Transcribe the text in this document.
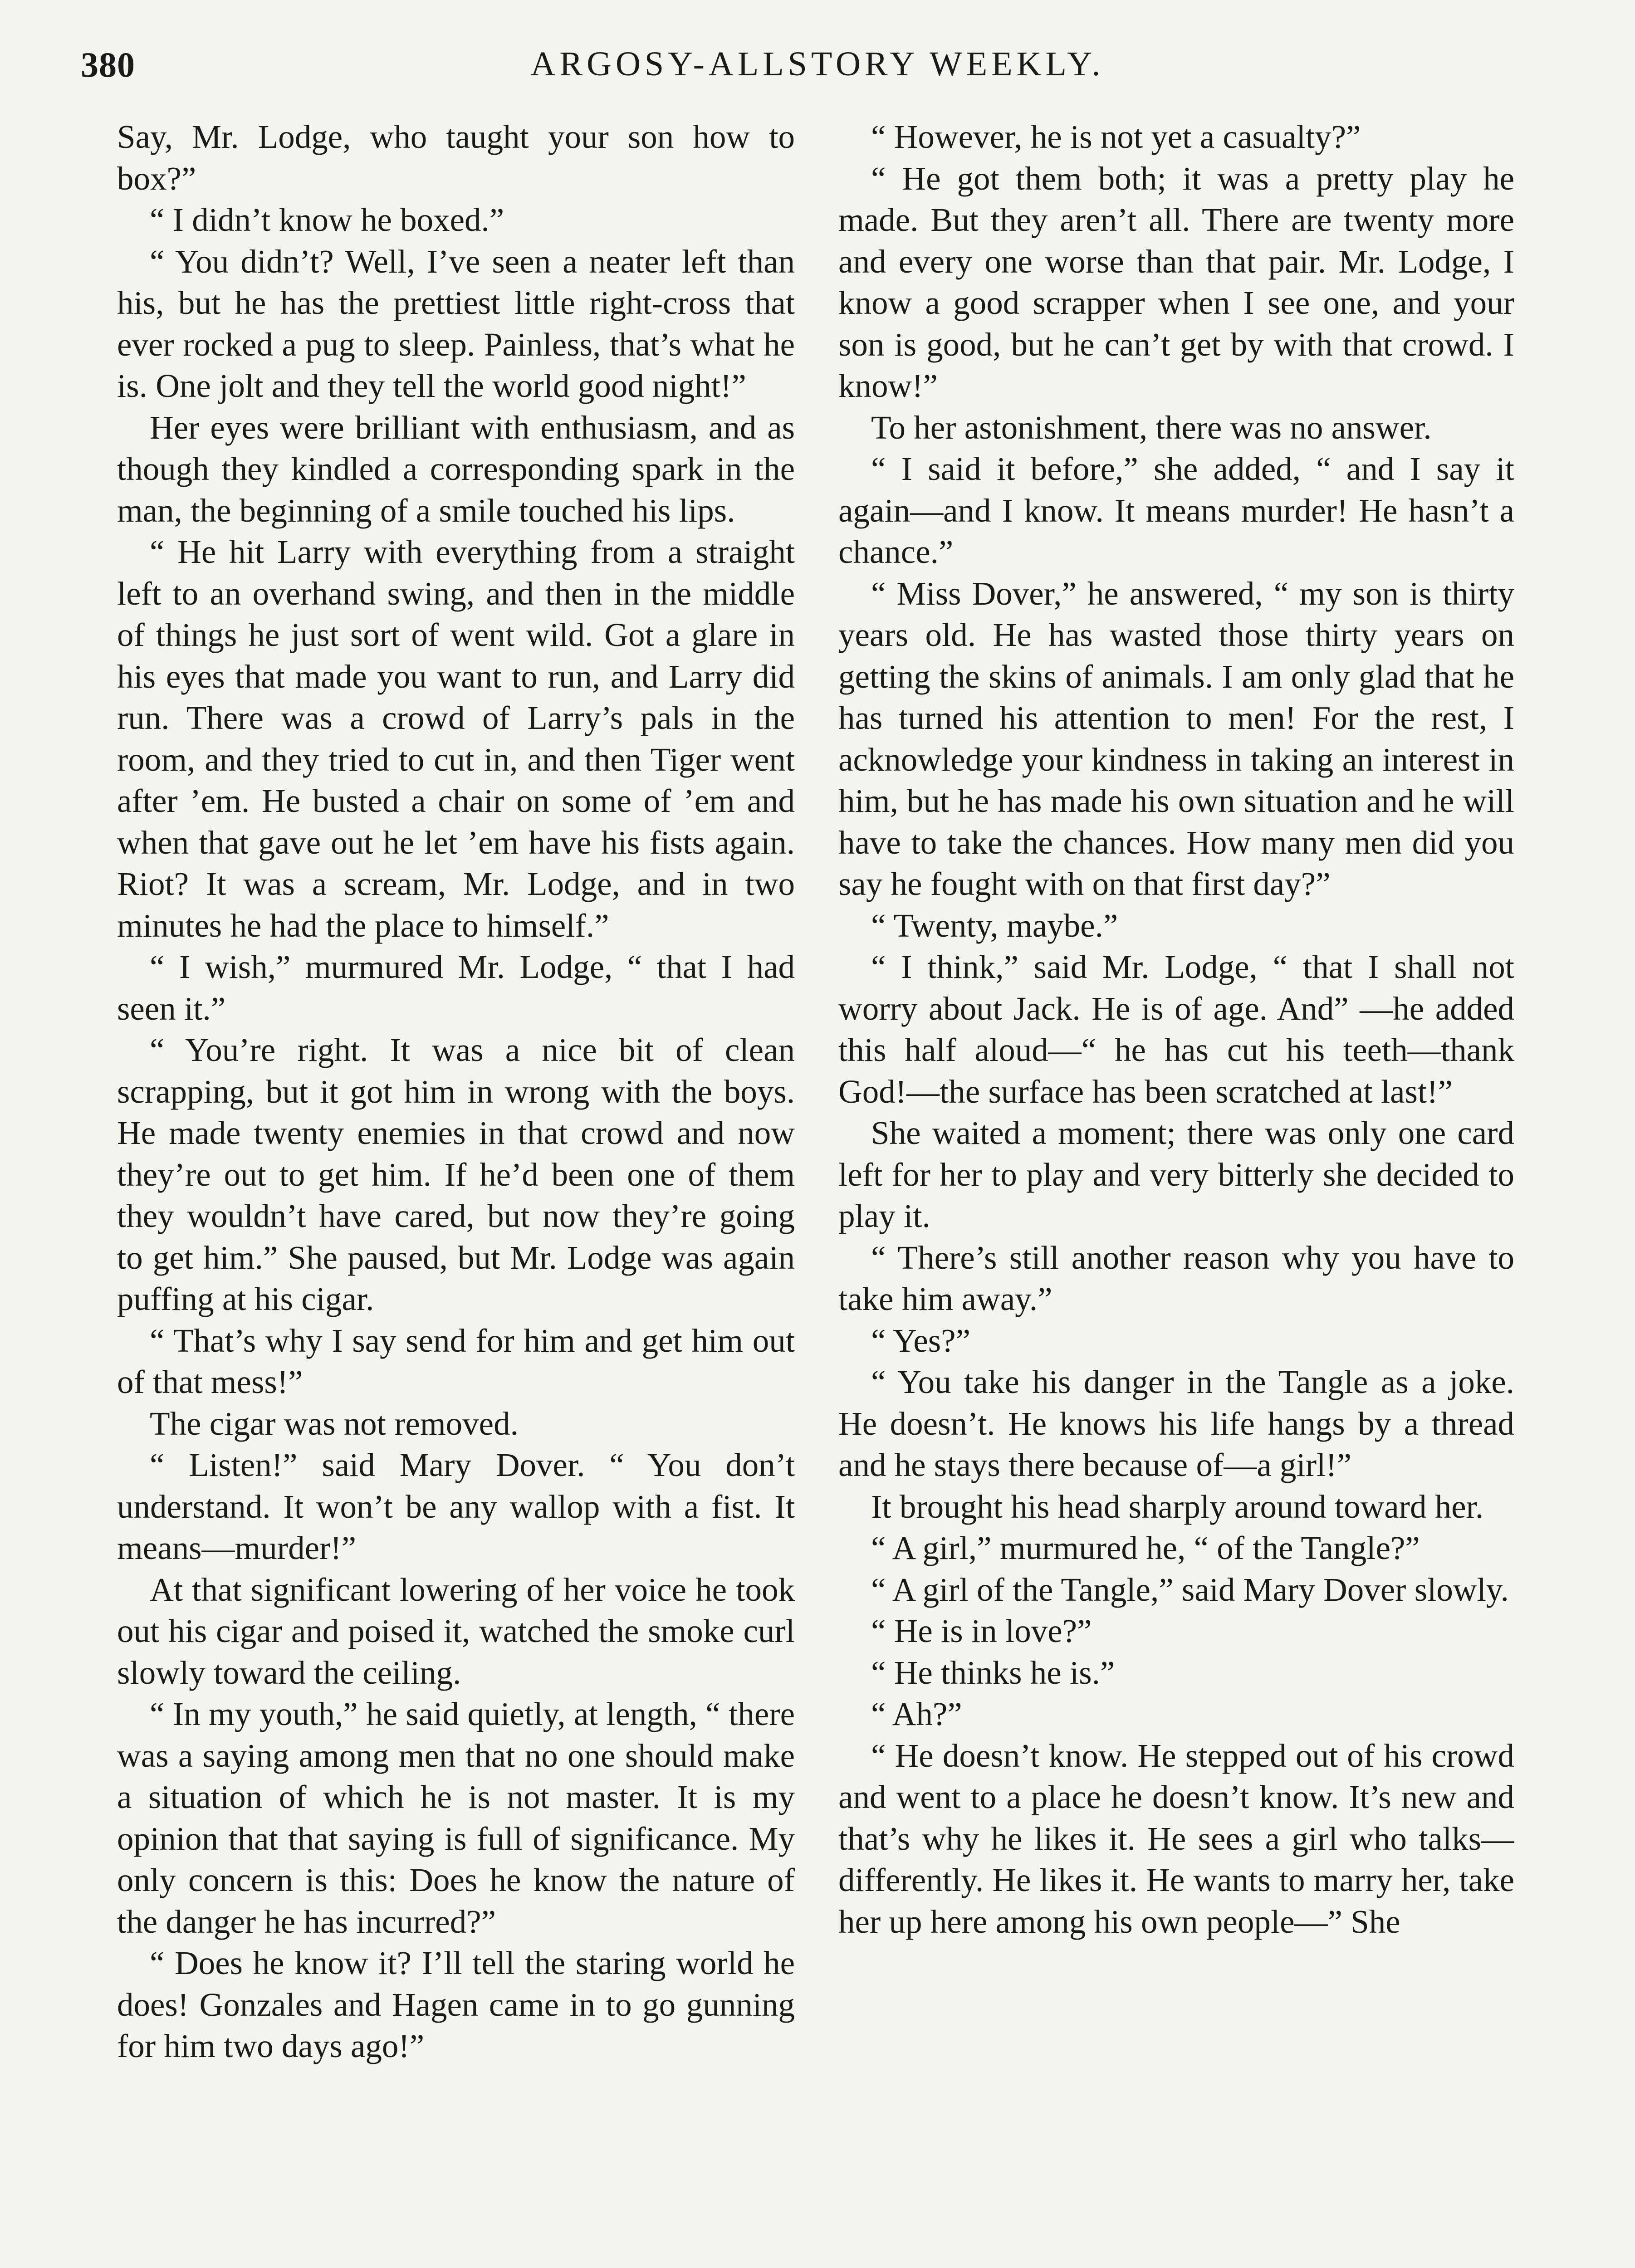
380	ARGOSY-ALLSTORY WEEKLY.

Say, Mr. Lodge, who taught your son how to box?”

“ I didn’t know he boxed.”

“ You didn’t? Well, I’ve seen a neater left than his, but he has the prettiest little right-cross that ever rocked a pug to sleep. Painless, that’s what he is. One jolt and they tell the world good night!”

Her eyes were brilliant with enthusiasm, and as though they kindled a corresponding spark in the man, the beginning of a smile touched his lips.

“ He hit Larry with everything from a straight left to an overhand swing, and then in the middle of things he just sort of went wild. Got a glare in his eyes that made you want to run, and Larry did run. There was a crowd of Larry’s pals in the room, and they tried to cut in, and then Tiger went after ’em. He busted a chair on some of ’em and when that gave out he let ’em have his fists again. Riot? It was a scream, Mr. Lodge, and in two minutes he had the place to himself.”

“ I wish,” murmured Mr. Lodge, “ that I had seen it.”

“ You’re right. It was a nice bit of clean scrapping, but it got him in wrong with the boys. He made twenty enemies in that crowd and now they’re out to get him. If he’d been one of them they wouldn’t have cared, but now they’re going to get him.” She paused, but Mr. Lodge was again puffing at his cigar.

“ That’s why I say send for him and get him out of that mess!”

The cigar was not removed.

“ Listen!” said Mary Dover. “ You don’t understand. It won’t be any wallop with a fist. It means—murder!”

At that significant lowering of her voice he took out his cigar and poised it, watched the smoke curl slowly toward the ceiling.

“ In my youth,” he said quietly, at length, “ there was a saying among men that no one should make a situation of which he is not master. It is my opinion that that saying is full of significance. My only concern is this: Does he know the nature of the danger he has incurred?”

“ Does he know it? I’ll tell the staring world he does! Gonzales and Hagen came in to go gunning for him two days ago!”

“ However, he is not yet a casualty?”

“ He got them both; it was a pretty play he made. But they aren’t all. There are twenty more and every one worse than that pair. Mr. Lodge, I know a good scrapper when I see one, and your son is good, but he can’t get by with that crowd. I know!”

To her astonishment, there was no answer.

“ I said it before,” she added, “ and I say it again—and I know. It means murder! He hasn’t a chance.”

“ Miss Dover,” he answered, “ my son is thirty years old. He has wasted those thirty years on getting the skins of animals. I am only glad that he has turned his attention to men! For the rest, I acknowledge your kindness in taking an interest in him, but he has made his own situation and he will have to take the chances. How many men did you say he fought with on that first day?”

“ Twenty, maybe.”

“ I think,” said Mr. Lodge, “ that I shall not worry about Jack. He is of age. And” —he added this half aloud—“ he has cut his teeth—thank God!—the surface has been scratched at last!”

She waited a moment; there was only one card left for her to play and very bitterly she decided to play it.

“ There’s still another reason why you have to take him away.”

“ Yes?”

“ You take his danger in the Tangle as a joke. He doesn’t. He knows his life hangs by a thread and he stays there because of—a girl!”

It brought his head sharply around toward her.

“ A girl,” murmured he, “ of the Tangle?”

“ A girl of the Tangle,” said Mary Dover slowly.

“ He is in love?”

“ He thinks he is.”

“ Ah?”

“ He doesn’t know. He stepped out of his crowd and went to a place he doesn’t know. It’s new and that’s why he likes it. He sees a girl who talks—differently. He likes it. He wants to marry her, take her up here among his own people—” She
